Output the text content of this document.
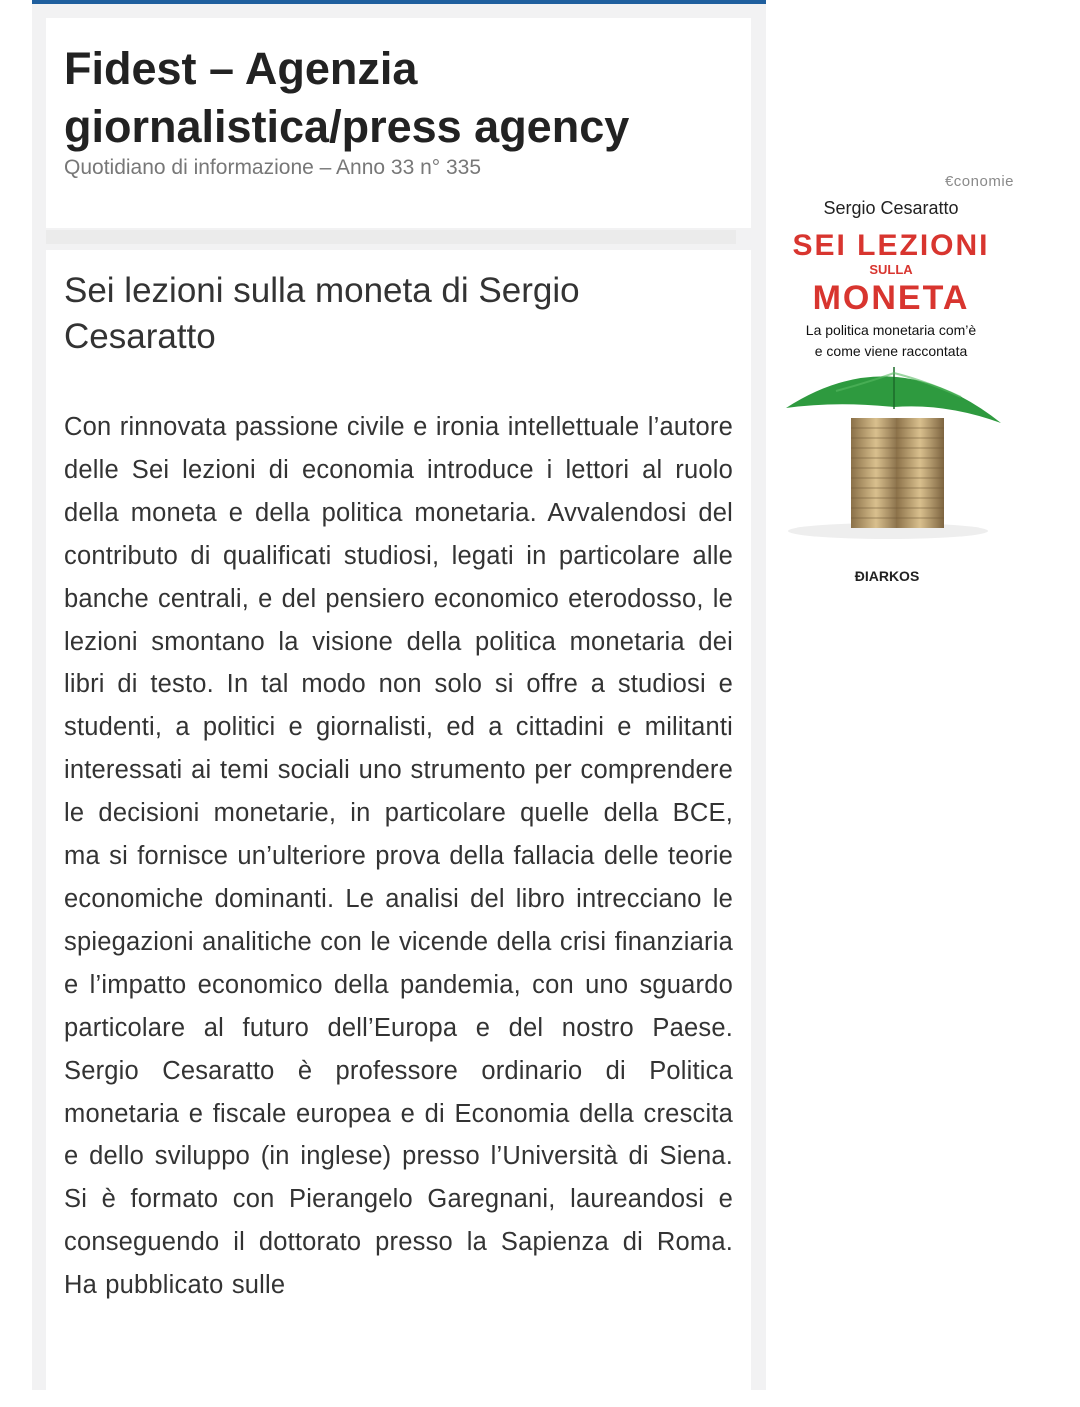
Fidest – Agenzia giornalistica/press agency

Quotidiano di informazione – Anno 33 n° 335

Sei lezioni sulla moneta di Sergio Cesaratto

Con rinnovata passione civile e ironia intellettuale l’autore delle Sei lezioni di economia introduce i lettori al ruolo della moneta e della politica monetaria. Avvalendosi del contributo di qualificati studiosi, legati in particolare alle banche centrali, e del pensiero economico eterodosso, le lezioni smontano la visione della politica monetaria dei libri di testo. In tal modo non solo si offre a studiosi e studenti, a politici e giornalisti, ed a cittadini e militanti interessati ai temi sociali uno strumento per comprendere le decisioni monetarie, in particolare quelle della BCE, ma si fornisce un’ulteriore prova della fallacia delle teorie economiche dominanti. Le analisi del libro intrecciano le spiegazioni analitiche con le vicende della crisi finanziaria e l’impatto economico della pandemia, con uno sguardo particolare al futuro dell’Europa e del nostro Paese. Sergio Cesaratto è professore ordinario di Politica monetaria e fiscale europea e di Economia della crescita e dello sviluppo (in inglese) presso l’Università di Siena. Si è formato con Pierangelo Garegnani, laureandosi e conseguendo il dottorato presso la Sapienza di Roma. Ha pubblicato sulle

€conomie

Sergio Cesaratto

SEI LEZIONI

SULLA

MONETA

La politica monetaria com’è
e come viene raccontata

ÐIARKOS
